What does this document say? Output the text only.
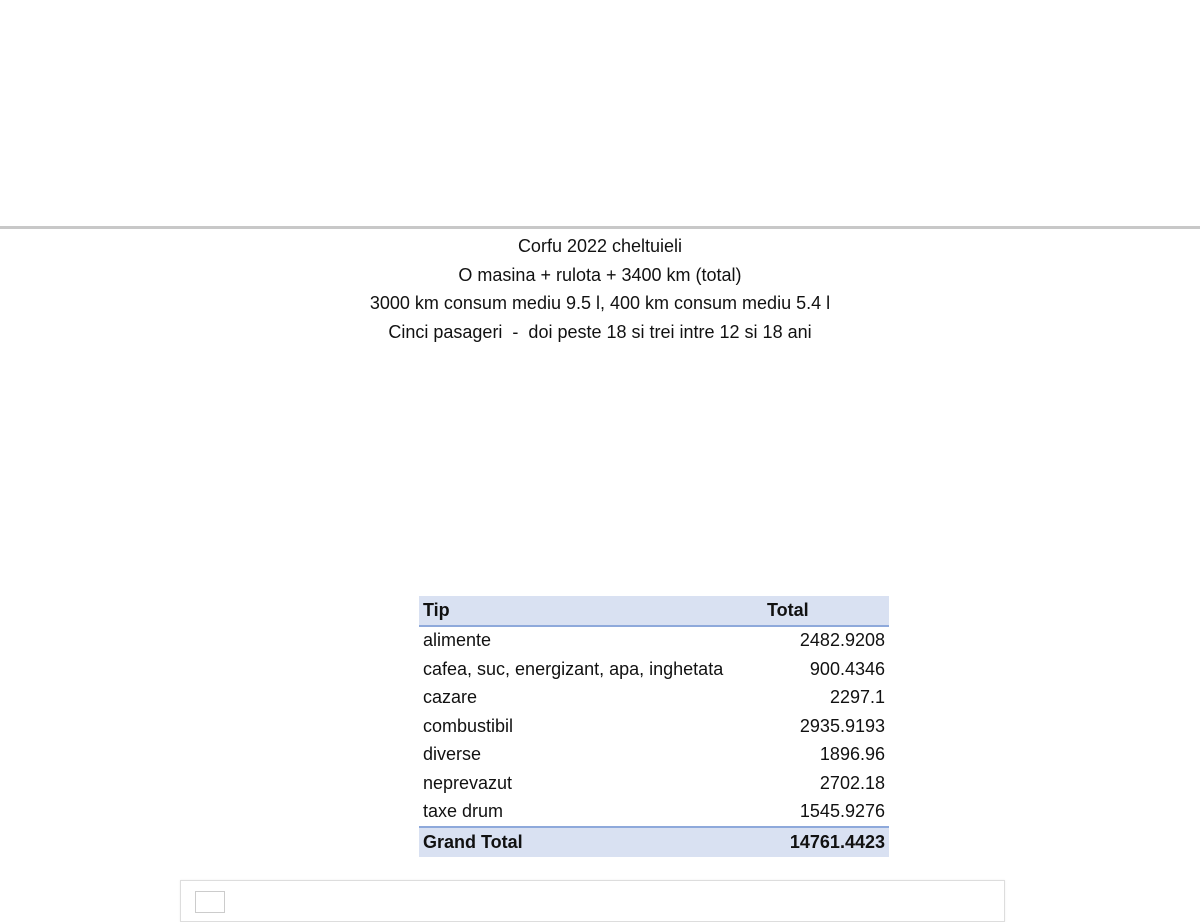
Corfu 2022 cheltuieli
O masina + rulota + 3400 km (total)
3000 km consum mediu 9.5 l, 400 km consum mediu 5.4 l
Cinci pasageri  -  doi peste 18 si trei intre 12 si 18 ani
Tip	Total
alimente	2482.9208
cafea, suc, energizant, apa, inghetata	900.4346
cazare	2297.1
combustibil	2935.9193
diverse	1896.96
neprevazut	2702.18
taxe drum	1545.9276
Grand Total	14761.4423
